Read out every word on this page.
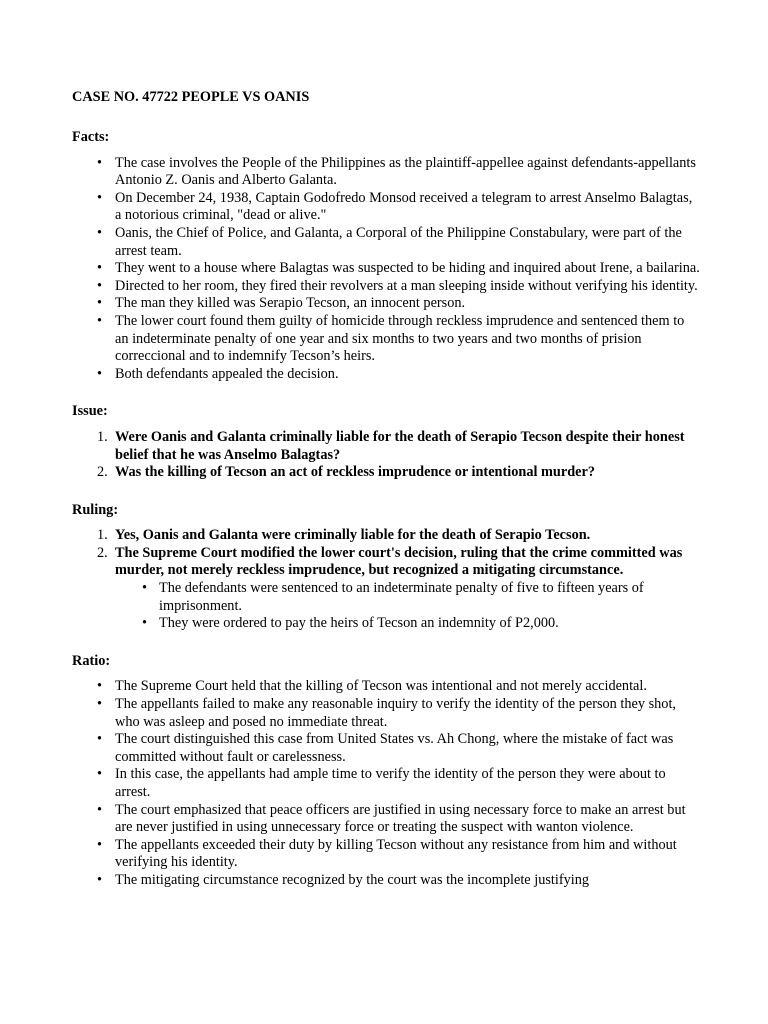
CASE NO. 47722 PEOPLE VS OANIS
Facts:
• The case involves the People of the Philippines as the plaintiff-appellee against defendants-appellants Antonio Z. Oanis and Alberto Galanta.
• On December 24, 1938, Captain Godofredo Monsod received a telegram to arrest Anselmo Balagtas, a notorious criminal, "dead or alive."
• Oanis, the Chief of Police, and Galanta, a Corporal of the Philippine Constabulary, were part of the arrest team.
• They went to a house where Balagtas was suspected to be hiding and inquired about Irene, a bailarina.
• Directed to her room, they fired their revolvers at a man sleeping inside without verifying his identity.
• The man they killed was Serapio Tecson, an innocent person.
• The lower court found them guilty of homicide through reckless imprudence and sentenced them to an indeterminate penalty of one year and six months to two years and two months of prision correccional and to indemnify Tecson’s heirs.
• Both defendants appealed the decision.
Issue:
1. Were Oanis and Galanta criminally liable for the death of Serapio Tecson despite their honest belief that he was Anselmo Balagtas?
2. Was the killing of Tecson an act of reckless imprudence or intentional murder?
Ruling:
1. Yes, Oanis and Galanta were criminally liable for the death of Serapio Tecson.
2. The Supreme Court modified the lower court's decision, ruling that the crime committed was murder, not merely reckless imprudence, but recognized a mitigating circumstance.
• The defendants were sentenced to an indeterminate penalty of five to fifteen years of imprisonment.
• They were ordered to pay the heirs of Tecson an indemnity of P2,000.
Ratio:
• The Supreme Court held that the killing of Tecson was intentional and not merely accidental.
• The appellants failed to make any reasonable inquiry to verify the identity of the person they shot, who was asleep and posed no immediate threat.
• The court distinguished this case from United States vs. Ah Chong, where the mistake of fact was committed without fault or carelessness.
• In this case, the appellants had ample time to verify the identity of the person they were about to arrest.
• The court emphasized that peace officers are justified in using necessary force to make an arrest but are never justified in using unnecessary force or treating the suspect with wanton violence.
• The appellants exceeded their duty by killing Tecson without any resistance from him and without verifying his identity.
• The mitigating circumstance recognized by the court was the incomplete justifying
